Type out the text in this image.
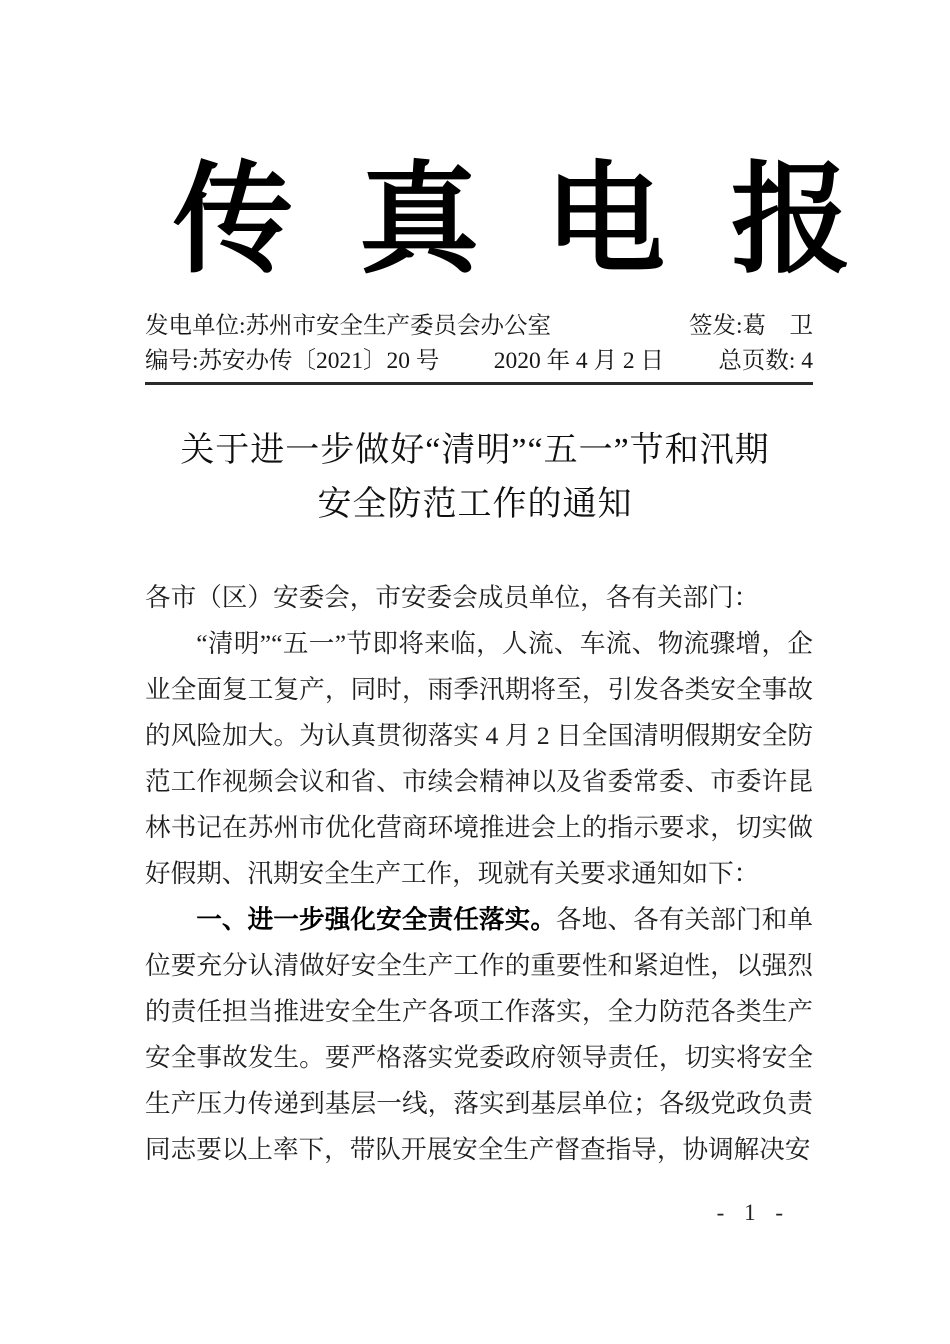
传真电报
发电单位:苏州市安全生产委员会办公室	签发:葛　卫
编号:苏安办传〔2021〕20 号 2020 年 4 月 2 日 总页数: 4
关于进一步做好“清明”“五一”节和汛期
安全防范工作的通知

各市（区）安委会，市安委会成员单位，各有关部门：

“清明”“五一”节即将来临，人流、车流、物流骤增，企业全面复工复产，同时，雨季汛期将至，引发各类安全事故的风险加大。为认真贯彻落实 4 月 2 日全国清明假期安全防范工作视频会议和省、市续会精神以及省委常委、市委许昆林书记在苏州市优化营商环境推进会上的指示要求，切实做好假期、汛期安全生产工作，现就有关要求通知如下：

一、进一步强化安全责任落实。各地、各有关部门和单位要充分认清做好安全生产工作的重要性和紧迫性，以强烈的责任担当推进安全生产各项工作落实，全力防范各类生产安全事故发生。要严格落实党委政府领导责任，切实将安全生产压力传递到基层一线，落实到基层单位；各级党政负责同志要以上率下，带队开展安全生产督查指导，协调解决安

- 1 -
